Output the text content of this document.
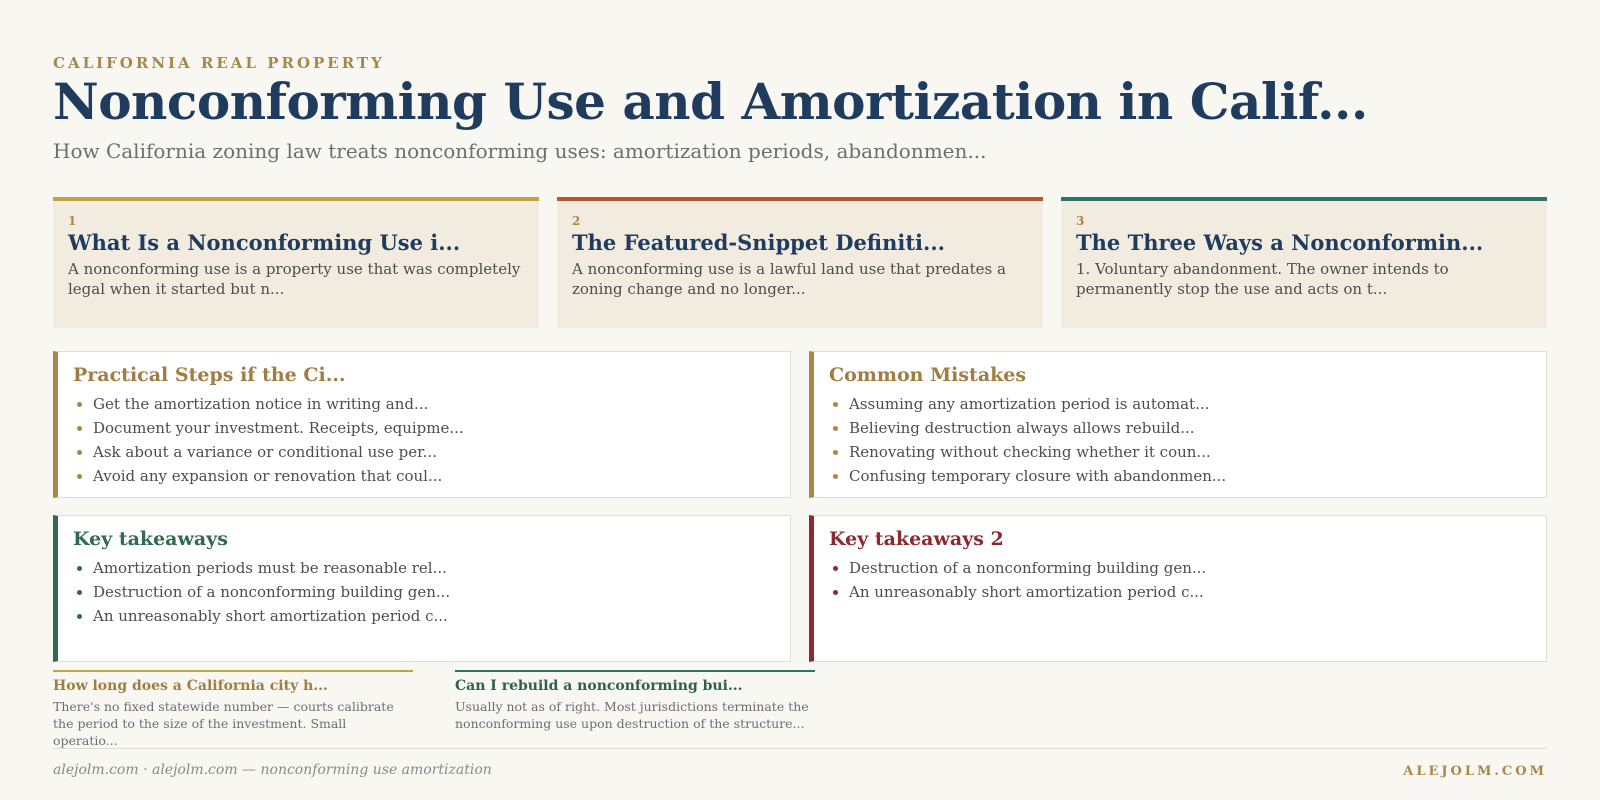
CALIFORNIA REAL PROPERTY
Nonconforming Use and Amortization in Calif...
How California zoning law treats nonconforming uses: amortization periods, abandonmen...
1
What Is a Nonconforming Use i...
A nonconforming use is a property use that was completely legal when it started but n...
2
The Featured-Snippet Definiti...
A nonconforming use is a lawful land use that predates a zoning change and no longer...
3
The Three Ways a Nonconformin...
1. Voluntary abandonment. The owner intends to permanently stop the use and acts on t...
Practical Steps if the Ci...
• Get the amortization notice in writing and...
• Document your investment. Receipts, equipme...
• Ask about a variance or conditional use per...
• Avoid any expansion or renovation that coul...
Common Mistakes
• Assuming any amortization period is automat...
• Believing destruction always allows rebuild...
• Renovating without checking whether it coun...
• Confusing temporary closure with abandonmen...
Key takeaways
• Amortization periods must be reasonable rel...
• Destruction of a nonconforming building gen...
• An unreasonably short amortization period c...
Key takeaways 2
• Destruction of a nonconforming building gen...
• An unreasonably short amortization period c...
How long does a California city h...
There's no fixed statewide number — courts calibrate the period to the size of the investment. Small operatio...
Can I rebuild a nonconforming bui...
Usually not as of right. Most jurisdictions terminate the nonconforming use upon destruction of the structure...
alejolm.com · alejolm.com — nonconforming use amortization	ALEJOLM.COM
